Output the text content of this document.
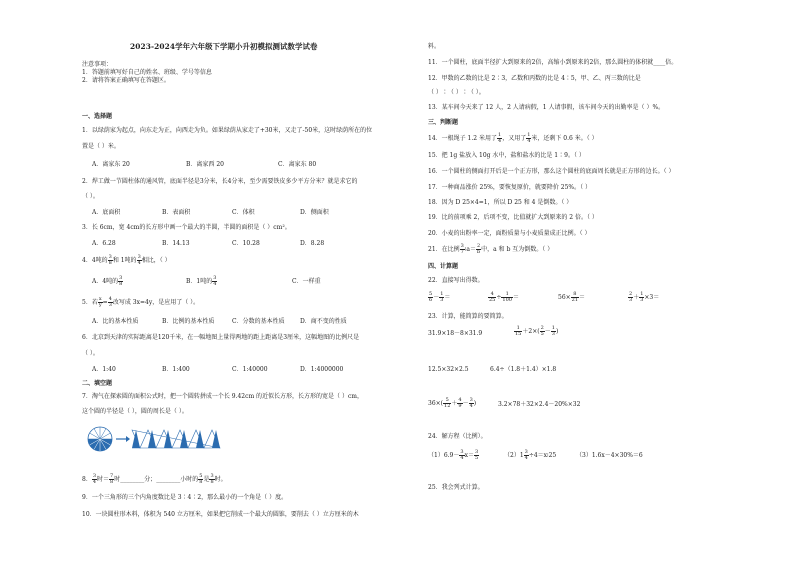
2023-2024学年六年级下学期小升初模拟测试数学试卷
注意事项：
1．答题前填写好自己的姓名、班级、学号等信息
2．请将答案正确填写在答题区。
一、选择题
1．以绿荫家为起点，向东走为正，向西走为负。如果绿荫从家走了+30米，又走了-50米，这时绿荫所在的位
置是（ ）米。
A．离家东 20	B．离家西 20	C．离家东 80
2．焊工做一节圆柱体的通风管，底面半径是3分米，长4分米，至少需要铁皮多少平方分米？就是求它的
（ ）。
A．底面积	B．表面积	C．体积	D．侧面积
3．长 6cm，宽 4cm的长方形中画一个最大的半圆，半圆的面积是（ ）cm²。
A．6.28	B．14.13	C．10.28	D．8.28
4．4吨的 $\frac{3}{8}$ 和 1吨的 $\frac{3}{4}$ 相比，（ ）
A．4吨的 $\frac{3}{8}$	B．1吨的 $\frac{3}{4}$	C．一样重
5．若 $\frac{x}{y} = \frac{4}{3}$ 改写成 3x=4y，是应用了（ ）。
A．比的基本性质	B．比例的基本性质	C．分数的基本性质	D．商不变的性质
6．北京到天津的实际距离是120千米，在一幅地图上量得两地的距上距离是3厘米，这幅地图的比例尺是
（ ）。
A．1:40	B．1:400	C．1:40000	D．1:4000000
二、填空题
7．淘气在探索圆的面积公式时，把一个圆转拼成一个长 9.42cm 的近似长方形，长方形的宽是（ ）cm，
这个圆的半径是（ ），圆的周长是（ ）。
8． $\frac{3}{4}$ 时＝ $\frac{7}{8}$ 时________分；________小时的 $\frac{5}{8}$ 是 $\frac{3}{8}$ 时。
9．一个三角形的三个内角度数比是 3∶4∶2，那么最小的一个角是（ ）度。
10．一块圆柱形木料，体积为 540 立方厘米，如果把它削成一个最大的圆锥，要削去（ ）立方厘米的木
料。
11．一个圆柱，底面半径扩大到原来的2倍，高缩小到原来的2倍，那么圆柱的体积就____倍。
12．甲数的乙数的比是 2∶3，乙数和丙数的比是 4∶5，甲、乙、丙三数的比是
（ ）∶（ ）∶（ ）。
13．某车间今天来了 12 人，2 人请病假，1 人请事假，该车间今天的出勤率是（ ）%。
三、判断题
14．一根绳子 1.2 米用了 $\frac{1}{4}$ ，又用了 $\frac{1}{4}$ 米，还剩下 0.6 米。（ ）
15．把 1g 盐放入 10g 水中，盐和盐水的比是 1∶9。（ ）
16．一个圆柱的侧面打开后是一个正方形，那么这个圆柱的底面周长就是正方形的边长。（ ）
17．一种商品涨价 25%，要恢复原价，就要降价 25%。（ ）
18．因为 D 25×4=1，所以 D 25 和 4 是倒数。（ ）
19．比的前项乘 2，后项不变，比值就扩大到原来的 2 倍。（ ）
20．小麦的出粉率一定，面粉质量与小麦质量成正比例。（ ）
21．在比例 $\frac{3}{7}$ ∶a＝ $\frac{2}{b}$ 中，a 和 b 互为倒数。（ ）
四、计算题
22．直接写出得数。
$\frac{5}{6} - \frac{1}{3}$ ＝	$\frac{4}{25} \div \frac{1}{100}$ ＝	$56\times \frac{8}{21}$ ＝	$\frac{2}{3} + \frac{1}{3} \times 3=$
23．计算，能简算的要简算。
31.9×18－8×31.9	$\frac{1}{15} +2\times( \frac{2}{5} - \frac{1}{3}$ )
12.5×32×2.5	6.4÷（1.8＋1.4）×1.8
$36\times( \frac{5}{12} + \frac{4}{9} - \frac{3}{4}$ )	3.2×78＋32×2.4－20%×32
24．解方程（比例）。
$(1)6.9- \frac{3}{4} x= \frac{3}{5}$	$(2)1 \frac{3}{4}$ ÷4＝x∶25	（3）1.6x－4×30%＝6
25．我会列式计算。
